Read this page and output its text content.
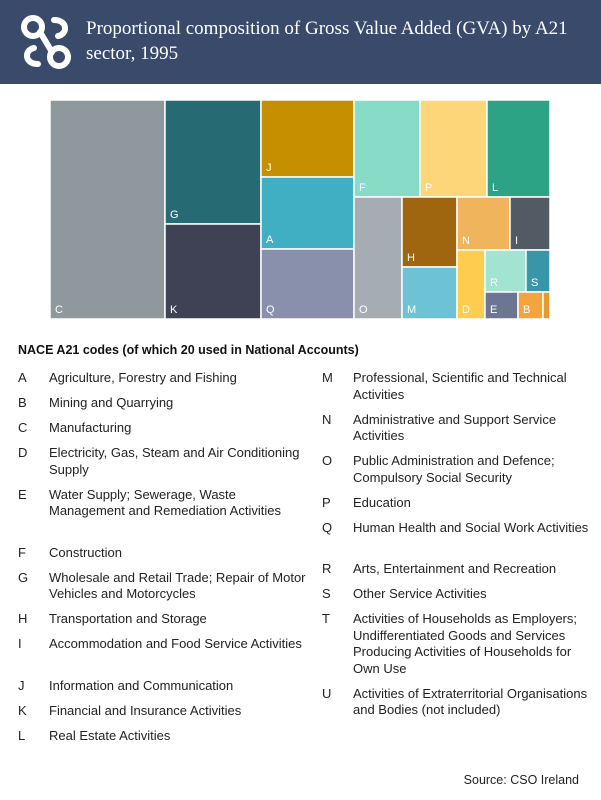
Proportional composition of Gross Value Added (GVA) by A21 sector, 1995
C
G
K
J
A
Q
F	P	L
O
H
M
N	I
D
R	S
E B
NACE A21 codes (of which 20 used in National Accounts)
A	Agriculture, Forestry and Fishing
B	Mining and Quarrying
C	Manufacturing
D	Electricity, Gas, Steam and Air Conditioning Supply
E	Water Supply; Sewerage, Waste Management and Remediation Activities
F	Construction
G	Wholesale and Retail Trade; Repair of Motor Vehicles and Motorcycles
H	Transportation and Storage
I	Accommodation and Food Service Activities
J	Information and Communication
K	Financial and Insurance Activities
L	Real Estate Activities
M	Professional, Scientific and Technical Activities
N	Administrative and Support Service Activities
O	Public Administration and Defence; Compulsory Social Security
P	Education
Q	Human Health and Social Work Activities
R	Arts, Entertainment and Recreation
S	Other Service Activities
T	Activities of Households as Employers; Undifferentiated Goods and Services Producing Activities of Households for Own Use
U	Activities of Extraterritorial Organisations and Bodies (not included)
Source: CSO Ireland
